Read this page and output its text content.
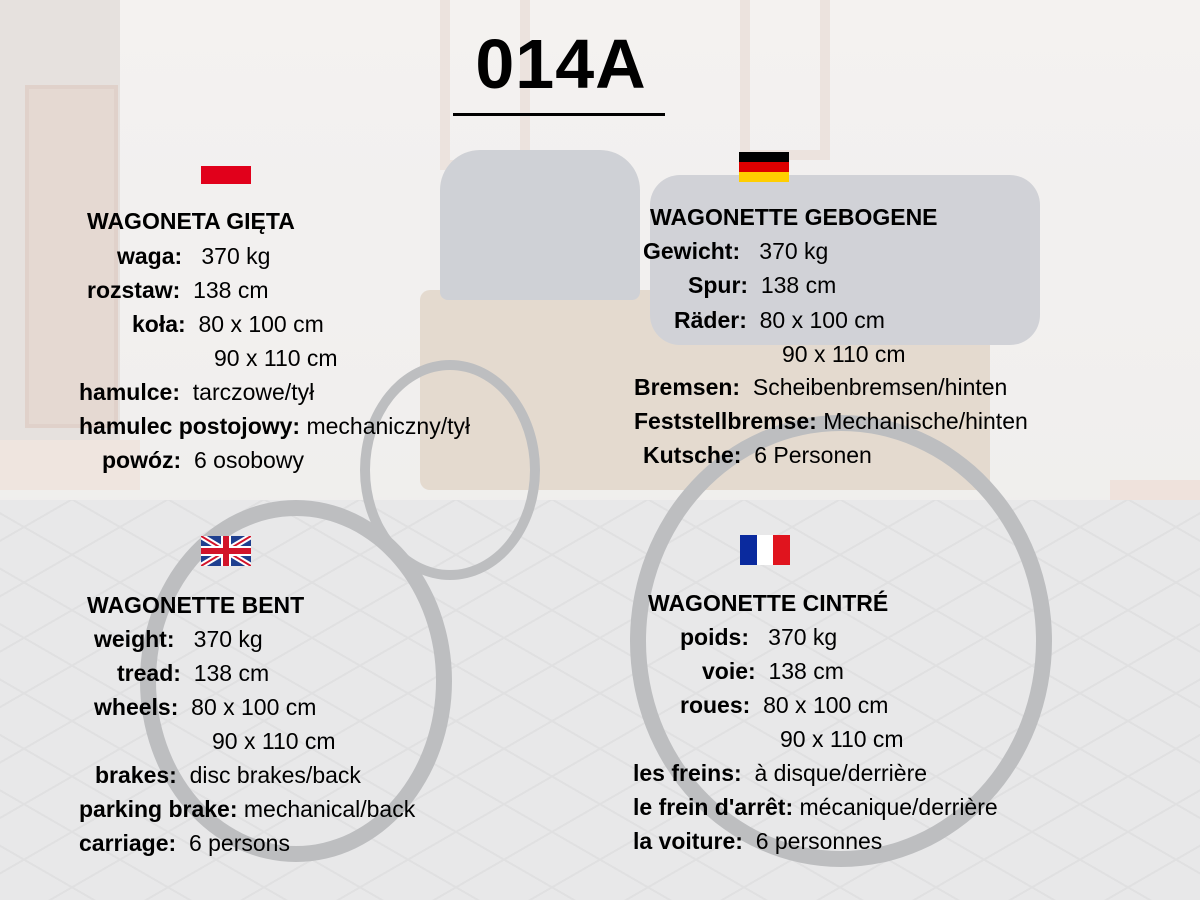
014A
WAGONETA GIĘTA
waga: 370 kg
rozstaw: 138 cm
koła: 80 x 100 cm
90 x 110 cm
hamulce: tarczowe/tył
hamulec postojowy: mechaniczny/tył
powóz: 6 osobowy
WAGONETTE GEBOGENE
Gewicht: 370 kg
Spur: 138 cm
Räder: 80 x 100 cm
90 x 110 cm
Bremsen: Scheibenbremsen/hinten
Feststellbremse: Mechanische/hinten
Kutsche: 6 Personen
WAGONETTE BENT
weight: 370 kg
tread: 138 cm
wheels: 80 x 100 cm
90 x 110 cm
brakes: disc brakes/back
parking brake: mechanical/back
carriage: 6 persons
WAGONETTE CINTRÉ
poids: 370 kg
voie: 138 cm
roues: 80 x 100 cm
90 x 110 cm
les freins: à disque/derrière
le frein d'arrêt: mécanique/derrière
la voiture: 6 personnes
